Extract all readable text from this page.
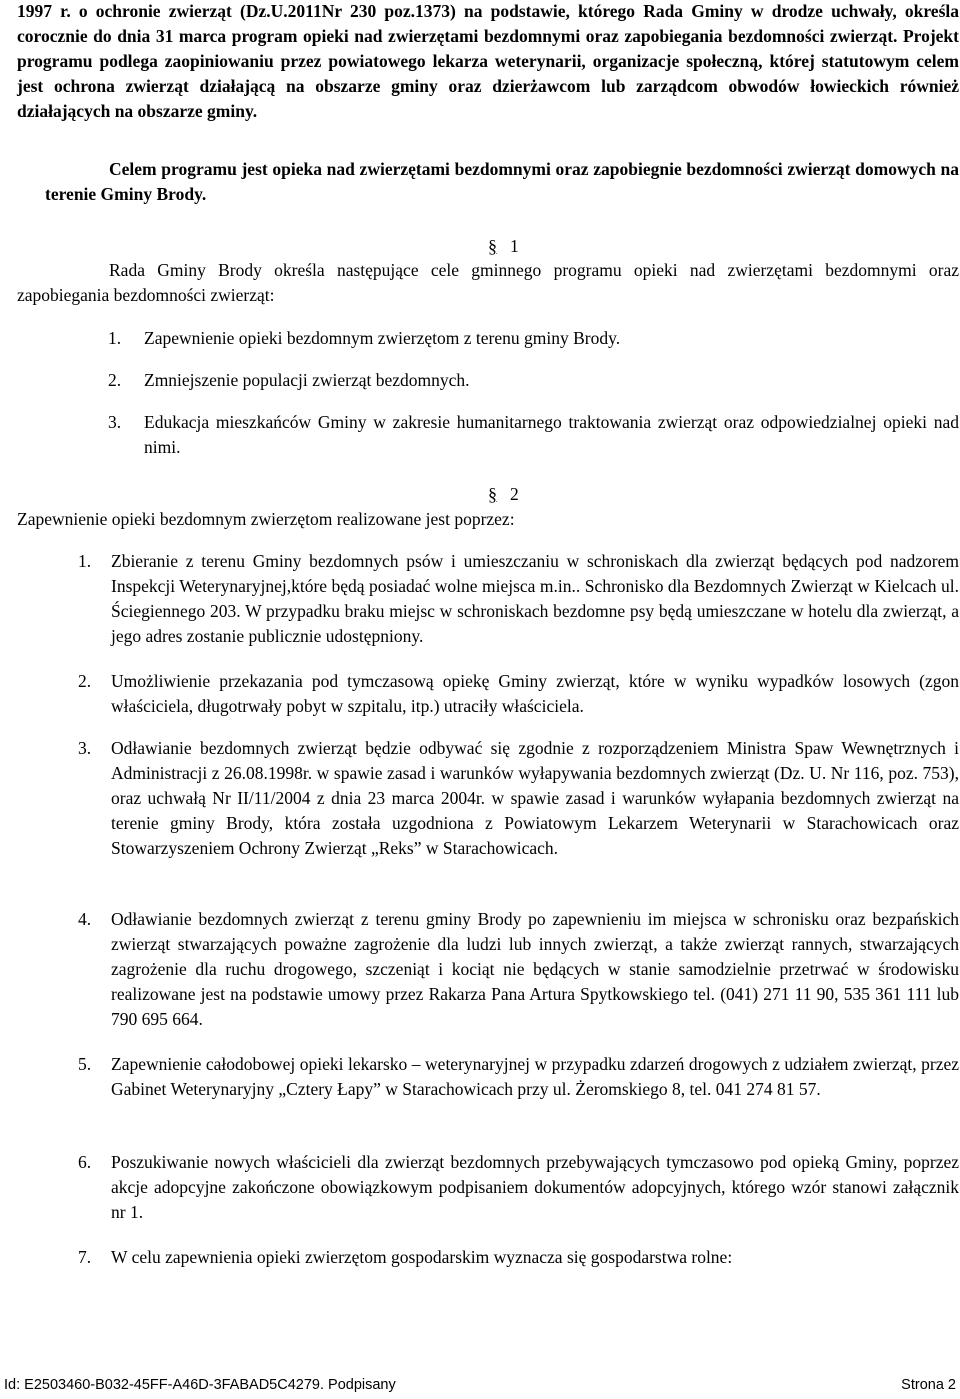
1997 r. o ochronie zwierząt (Dz.U.2011Nr 230 poz.1373) na podstawie, którego Rada Gminy w drodze uchwały, określa corocznie do dnia 31 marca program opieki nad zwierzętami bezdomnymi oraz zapobiegania bezdomności zwierząt. Projekt programu podlega zaopiniowaniu przez powiatowego lekarza weterynarii, organizacje społeczną, której statutowym celem jest ochrona zwierząt działającą na obszarze gminy oraz dzierżawcom lub zarządcom obwodów łowieckich również działających na obszarze gminy.

Celem programu jest opieka nad zwierzętami bezdomnymi oraz zapobiegnie bezdomności zwierząt domowych na terenie Gminy Brody.

§
1

Rada Gminy Brody określa następujące cele gminnego programu opieki nad zwierzętami bezdomnymi oraz zapobiegania bezdomności zwierząt:

1. Zapewnienie opieki bezdomnym zwierzętom z terenu gminy Brody.

2. Zmniejszenie populacji zwierząt bezdomnych.

3. Edukacja mieszkańców Gminy w zakresie humanitarnego traktowania zwierząt oraz odpowiedzialnej opieki nad nimi.

§
2

Zapewnienie opieki bezdomnym zwierzętom realizowane jest poprzez:

1. Zbieranie z terenu Gminy bezdomnych psów i umieszczaniu w schroniskach dla zwierząt będących pod nadzorem Inspekcji Weterynaryjnej,które będą posiadać wolne miejsca m.in.. Schronisko dla Bezdomnych Zwierząt w Kielcach ul. Ściegiennego 203. W przypadku braku miejsc w schroniskach bezdomne psy będą umieszczane w hotelu dla zwierząt, a jego adres zostanie publicznie udostępniony.

2. Umożliwienie przekazania pod tymczasową opiekę Gminy zwierząt, które w wyniku wypadków losowych (zgon właściciela, długotrwały pobyt w szpitalu, itp.) utraciły właściciela.

3. Odławianie bezdomnych zwierząt będzie odbywać się zgodnie z rozporządzeniem Ministra Spaw Wewnętrznych i Administracji z 26.08.1998r. w spawie zasad i warunków wyłapywania bezdomnych zwierząt (Dz. U. Nr 116, poz. 753), oraz uchwałą Nr II/11/2004 z dnia 23 marca 2004r. w spawie zasad i warunków wyłapania bezdomnych zwierząt na terenie gminy Brody, która została uzgodniona z Powiatowym Lekarzem Weterynarii w Starachowicach oraz Stowarzyszeniem Ochrony Zwierząt „Reks” w Starachowicach.

4. Odławianie bezdomnych zwierząt z terenu gminy Brody po zapewnieniu im miejsca w schronisku oraz bezpańskich zwierząt stwarzających poważne zagrożenie dla ludzi lub innych zwierząt, a także zwierząt rannych, stwarzających zagrożenie dla ruchu drogowego, szczeniąt i kociąt nie będących w stanie samodzielnie przetrwać w środowisku realizowane jest na podstawie umowy przez Rakarza Pana Artura Spytkowskiego tel. (041) 271 11 90, 535 361 111 lub 790 695 664.

5. Zapewnienie całodobowej opieki lekarsko – weterynaryjnej w przypadku zdarzeń drogowych z udziałem zwierząt, przez Gabinet Weterynaryjny „Cztery Łapy” w Starachowicach przy ul. Żeromskiego 8, tel. 041 274 81 57.

6. Poszukiwanie nowych właścicieli dla zwierząt bezdomnych przebywających tymczasowo pod opieką Gminy, poprzez akcje adopcyjne zakończone obowiązkowym podpisaniem dokumentów adopcyjnych, którego wzór stanowi załącznik nr 1.

7. W celu zapewnienia opieki zwierzętom gospodarskim wyznacza się gospodarstwa rolne:

Id: E2503460-B032-45FF-A46D-3FABAD5C4279. Podpisany	Strona 2
